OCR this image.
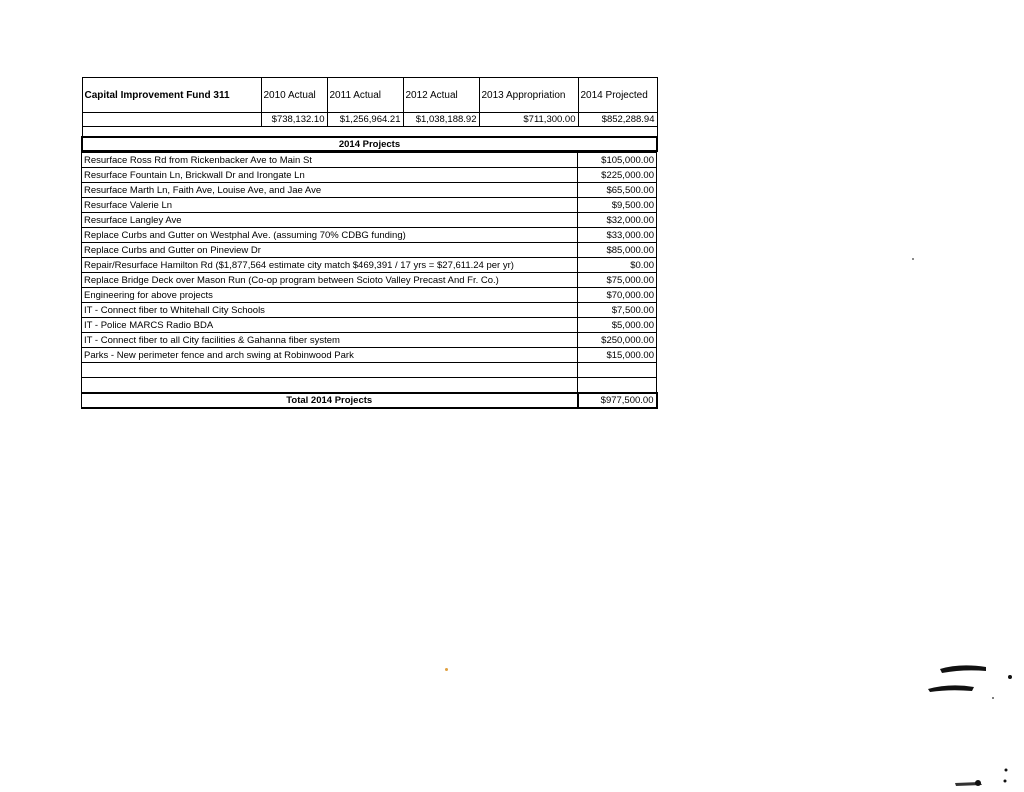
Capital Improvement Fund 311	2010 Actual	2011 Actual	2012 Actual	2013 Appropriation	2014 Projected
	$738,132.10	$1,256,964.21	$1,038,188.92	$711,300.00	$852,288.94

2014 Projects					
Resurface Ross Rd from Rickenbacker Ave to Main St	$105,000.00
Resurface Fountain Ln, Brickwall Dr and Irongate Ln	$225,000.00
Resurface Marth Ln, Faith Ave, Louise Ave, and Jae Ave	$65,500.00
Resurface Valerie Ln	$9,500.00
Resurface Langley Ave	$32,000.00
Replace Curbs and Gutter on Westphal Ave. (assuming 70% CDBG funding)	$33,000.00
Replace Curbs and Gutter on Pineview Dr	$85,000.00
Repair/Resurface Hamilton Rd ($1,877,564 estimate city match $469,391 / 17 yrs = $27,611.24 per yr)	$0.00
Replace Bridge Deck over Mason Run (Co-op program between Scioto Valley Precast And Fr. Co.)	$75,000.00
Engineering for above projects	$70,000.00
IT - Connect fiber to Whitehall City Schools	$7,500.00
IT - Police MARCS Radio BDA	$5,000.00
IT - Connect fiber to all City facilities & Gahanna fiber system	$250,000.00
Parks - New perimeter fence and arch swing at Robinwood Park	$15,000.00

Total 2014 Projects	$977,500.00
